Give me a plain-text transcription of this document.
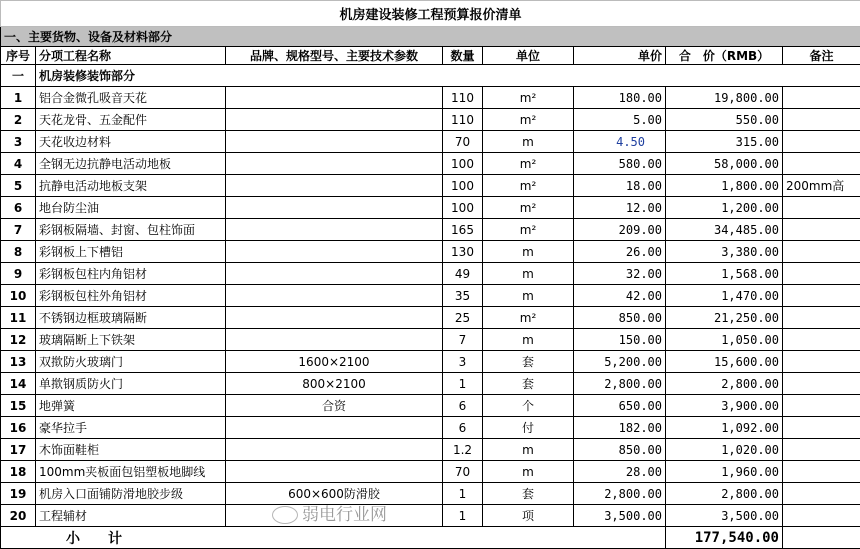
机房建设装修工程预算报价清单							
一、主要货物、设备及材料部分							
序号	分项工程名称	品牌、规格型号、主要技术参数	数量	单位	单价	合　价（RMB）	备注
一	机房装修装饰部分						
1	铝合金微孔吸音天花		110	m²	180.00	19,800.00	
2	天花龙骨、五金配件		110	m²	5.00	550.00	
3	天花收边材料		70	m	4.50	315.00	
4	全钢无边抗静电活动地板		100	m²	580.00	58,000.00	
5	抗静电活动地板支架		100	m²	18.00	1,800.00	200mm高
6	地台防尘油		100	m²	12.00	1,200.00	
7	彩钢板隔墙、封窗、包柱饰面		165	m²	209.00	34,485.00	
8	彩钢板上下槽铝		130	m	26.00	3,380.00	
9	彩钢板包柱内角铝材		49	m	32.00	1,568.00	
10	彩钢板包柱外角铝材		35	m	42.00	1,470.00	
11	不锈钢边框玻璃隔断		25	m²	850.00	21,250.00	
12	玻璃隔断上下铁架		7	m	150.00	1,050.00	
13	双揿防火玻璃门	1600×2100	3	套	5,200.00	15,600.00	
14	单揿钢质防火门	800×2100	1	套	2,800.00	2,800.00	
15	地弹簧	合资	6	个	650.00	3,900.00	
16	豪华拉手		6	付	182.00	1,092.00	
17	木饰面鞋柜		1.2	m	850.00	1,020.00	
18	100mm夹板面包铝塑板地脚线		70	m	28.00	1,960.00	
19	机房入口面铺防滑地胶步级	600×600防滑胶	1	套	2,800.00	2,800.00	
20	工程辅材		1	项	3,500.00	3,500.00	
小　　计						177,540.00	
弱电行业网
